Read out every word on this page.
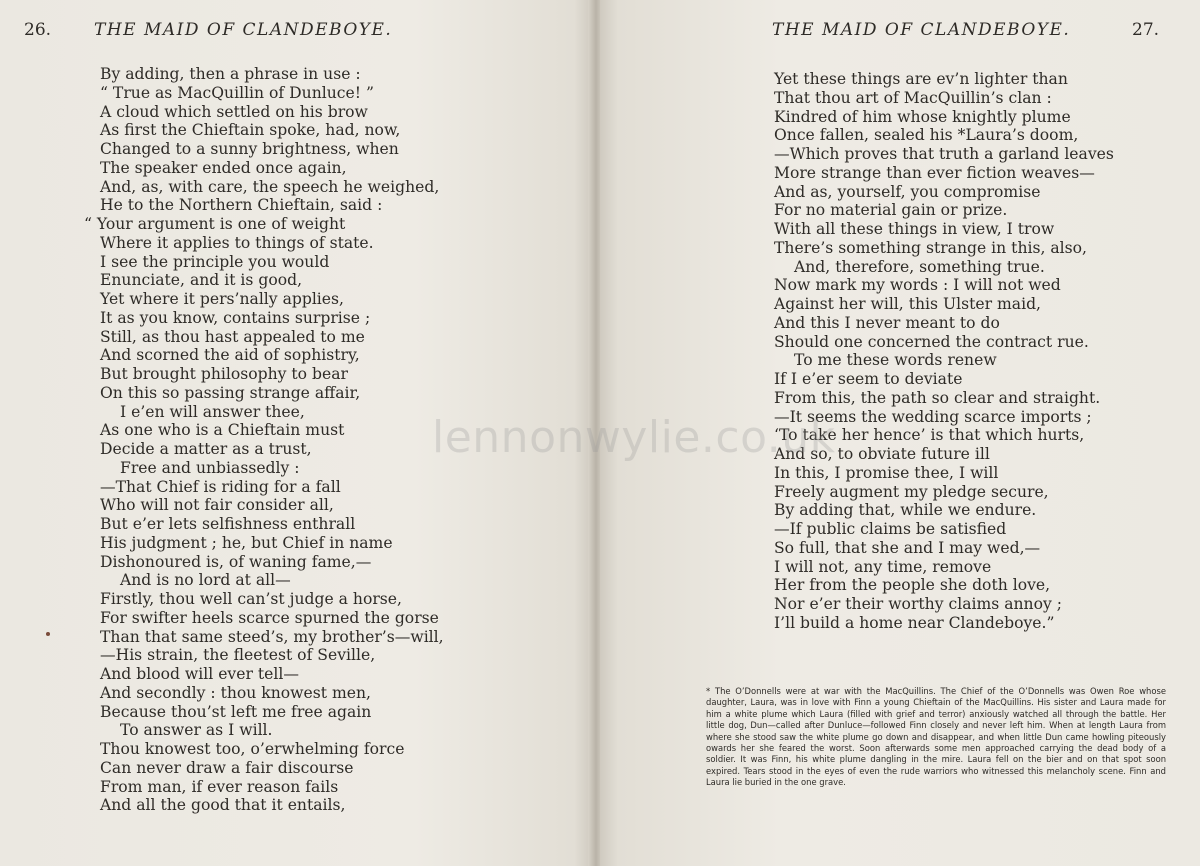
26.	THE MAID OF CLANDEBOYE.
By adding, then a phrase in use :
“ True as MacQuillin of Dunluce! ”
A cloud which settled on his brow
As first the Chieftain spoke, had, now,
Changed to a sunny brightness, when
The speaker ended once again,
And, as, with care, the speech he weighed,
He to the Northern Chieftain, said :
“ Your argument is one of weight
Where it applies to things of state.
I see the principle you would
Enunciate, and it is good,
Yet where it pers’nally applies,
It as you know, contains surprise ;
Still, as thou hast appealed to me
And scorned the aid of sophistry,
But brought philosophy to bear
On this so passing strange affair,
I e’en will answer thee,
As one who is a Chieftain must
Decide a matter as a trust,
Free and unbiassedly :
—That Chief is riding for a fall
Who will not fair consider all,
But e’er lets selfishness enthrall
His judgment ; he, but Chief in name
Dishonoured is, of waning fame,—
And is no lord at all—
Firstly, thou well can’st judge a horse,
For swifter heels scarce spurned the gorse
Than that same steed’s, my brother’s—will,
—His strain, the fleetest of Seville,
And blood will ever tell—
And secondly : thou knowest men,
Because thou’st left me free again
To answer as I will.
Thou knowest too, o’erwhelming force
Can never draw a fair discourse
From man, if ever reason fails
And all the good that it entails,
THE MAID OF CLANDEBOYE.	27.
Yet these things are ev’n lighter than
That thou art of MacQuillin’s clan :
Kindred of him whose knightly plume
Once fallen, sealed his *Laura’s doom,
—Which proves that truth a garland leaves
More strange than ever fiction weaves—
And as, yourself, you compromise
For no material gain or prize.
With all these things in view, I trow
There’s something strange in this, also,
And, therefore, something true.
Now mark my words : I will not wed
Against her will, this Ulster maid,
And this I never meant to do
Should one concerned the contract rue.
To me these words renew
If I e’er seem to deviate
From this, the path so clear and straight.
—It seems the wedding scarce imports ;
‘To take her hence’ is that which hurts,
And so, to obviate future ill
In this, I promise thee, I will
Freely augment my pledge secure,
By adding that, while we endure.
—If public claims be satisfied
So full, that she and I may wed,—
I will not, any time, remove
Her from the people she doth love,
Nor e’er their worthy claims annoy ;
I’ll build a home near Clandeboye.”
* The O’Donnells were at war with the MacQuillins. The Chief of the O’Donnells was Owen Roe whose daughter, Laura, was in love with Finn a young Chieftain of the MacQuillins. His sister and Laura made for him a white plume which Laura (filled with grief and terror) anxiously watched all through the battle. Her little dog, Dun—called after Dunluce—followed Finn closely and never left him. When at length Laura from where she stood saw the white plume go down and disappear, and when little Dun came howling piteously owards her she feared the worst. Soon afterwards some men approached carrying the dead body of a soldier. It was Finn, his white plume dangling in the mire. Laura fell on the bier and on that spot soon expired. Tears stood in the eyes of even the rude warriors who witnessed this melancholy scene. Finn and Laura lie buried in the one grave.
lennonwylie.co.uk
